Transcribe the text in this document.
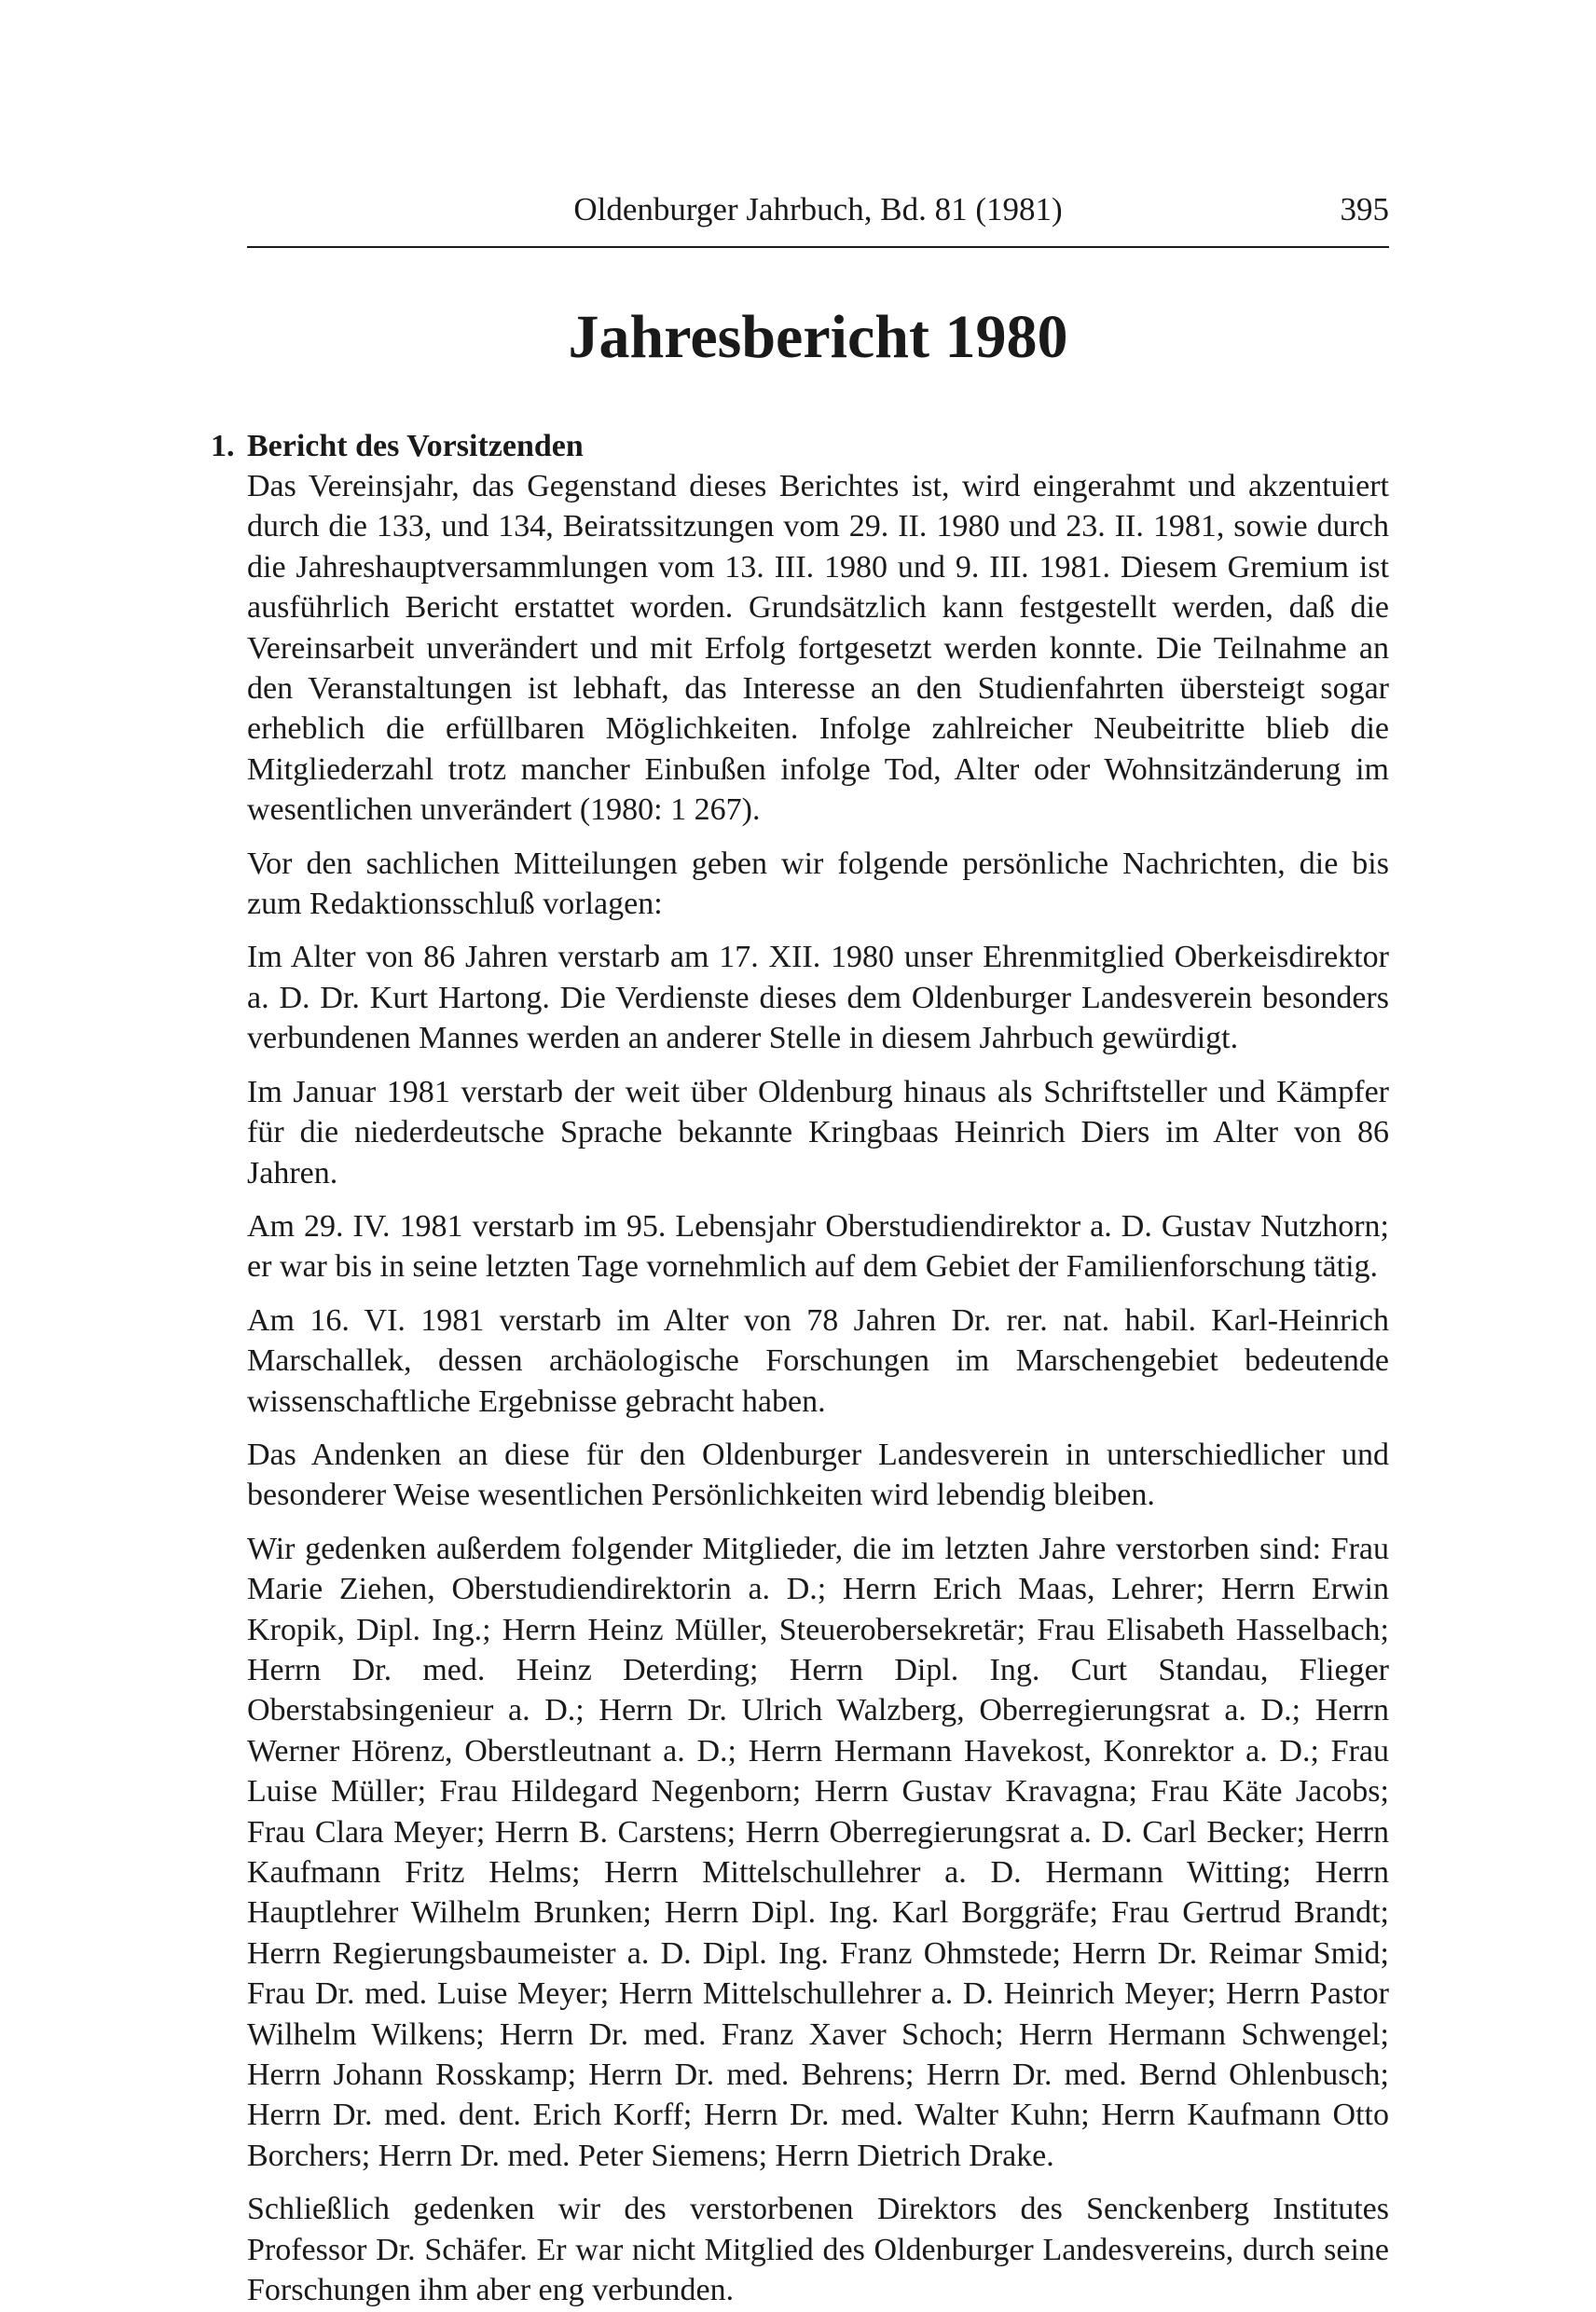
Oldenburger Jahrbuch, Bd. 81 (1981)	395
Jahresbericht 1980
1. Bericht des Vorsitzenden

Das Vereinsjahr, das Gegenstand dieses Berichtes ist, wird eingerahmt und akzentuiert durch die 133, und 134, Beiratssitzungen vom 29. II. 1980 und 23. II. 1981, sowie durch die Jahreshauptversammlungen vom 13. III. 1980 und 9. III. 1981. Diesem Gremium ist ausführlich Bericht erstattet worden. Grundsätzlich kann festgestellt werden, daß die Vereinsarbeit unverändert und mit Erfolg fortgesetzt werden konnte. Die Teilnahme an den Veranstaltungen ist lebhaft, das Interesse an den Studienfahrten übersteigt sogar erheblich die erfüllbaren Möglichkeiten. Infolge zahlreicher Neubeitritte blieb die Mitgliederzahl trotz mancher Einbußen infolge Tod, Alter oder Wohnsitzänderung im wesentlichen unverändert (1980: 1 267).

Vor den sachlichen Mitteilungen geben wir folgende persönliche Nachrichten, die bis zum Redaktionsschluß vorlagen:

Im Alter von 86 Jahren verstarb am 17. XII. 1980 unser Ehrenmitglied Oberkeisdirektor a. D. Dr. Kurt Hartong. Die Verdienste dieses dem Oldenburger Landesverein besonders verbundenen Mannes werden an anderer Stelle in diesem Jahrbuch gewürdigt.

Im Januar 1981 verstarb der weit über Oldenburg hinaus als Schriftsteller und Kämpfer für die niederdeutsche Sprache bekannte Kringbaas Heinrich Diers im Alter von 86 Jahren.

Am 29. IV. 1981 verstarb im 95. Lebensjahr Oberstudiendirektor a. D. Gustav Nutzhorn; er war bis in seine letzten Tage vornehmlich auf dem Gebiet der Familienforschung tätig.

Am 16. VI. 1981 verstarb im Alter von 78 Jahren Dr. rer. nat. habil. Karl-Heinrich Marschallek, dessen archäologische Forschungen im Marschengebiet bedeutende wissenschaftliche Ergebnisse gebracht haben.

Das Andenken an diese für den Oldenburger Landesverein in unterschiedlicher und besonderer Weise wesentlichen Persönlichkeiten wird lebendig bleiben.

Wir gedenken außerdem folgender Mitglieder, die im letzten Jahre verstorben sind: Frau Marie Ziehen, Oberstudiendirektorin a. D.; Herrn Erich Maas, Lehrer; Herrn Erwin Kropik, Dipl. Ing.; Herrn Heinz Müller, Steuerobersekretär; Frau Elisabeth Hasselbach; Herrn Dr. med. Heinz Deterding; Herrn Dipl. Ing. Curt Standau, Flieger Oberstabsingenieur a. D.; Herrn Dr. Ulrich Walzberg, Oberregierungsrat a. D.; Herrn Werner Hörenz, Oberstleutnant a. D.; Herrn Hermann Havekost, Konrektor a. D.; Frau Luise Müller; Frau Hildegard Negenborn; Herrn Gustav Kravagna; Frau Käte Jacobs; Frau Clara Meyer; Herrn B. Carstens; Herrn Oberregierungsrat a. D. Carl Becker; Herrn Kaufmann Fritz Helms; Herrn Mittelschullehrer a. D. Hermann Witting; Herrn Hauptlehrer Wilhelm Brunken; Herrn Dipl. Ing. Karl Borggräfe; Frau Gertrud Brandt; Herrn Regierungsbaumeister a. D. Dipl. Ing. Franz Ohmstede; Herrn Dr. Reimar Smid; Frau Dr. med. Luise Meyer; Herrn Mittelschullehrer a. D. Heinrich Meyer; Herrn Pastor Wilhelm Wilkens; Herrn Dr. med. Franz Xaver Schoch; Herrn Hermann Schwengel; Herrn Johann Rosskamp; Herrn Dr. med. Behrens; Herrn Dr. med. Bernd Ohlenbusch; Herrn Dr. med. dent. Erich Korff; Herrn Dr. med. Walter Kuhn; Herrn Kaufmann Otto Borchers; Herrn Dr. med. Peter Siemens; Herrn Dietrich Drake.

Schließlich gedenken wir des verstorbenen Direktors des Senckenberg Institutes Professor Dr. Schäfer. Er war nicht Mitglied des Oldenburger Landesvereins, durch seine Forschungen ihm aber eng verbunden.
